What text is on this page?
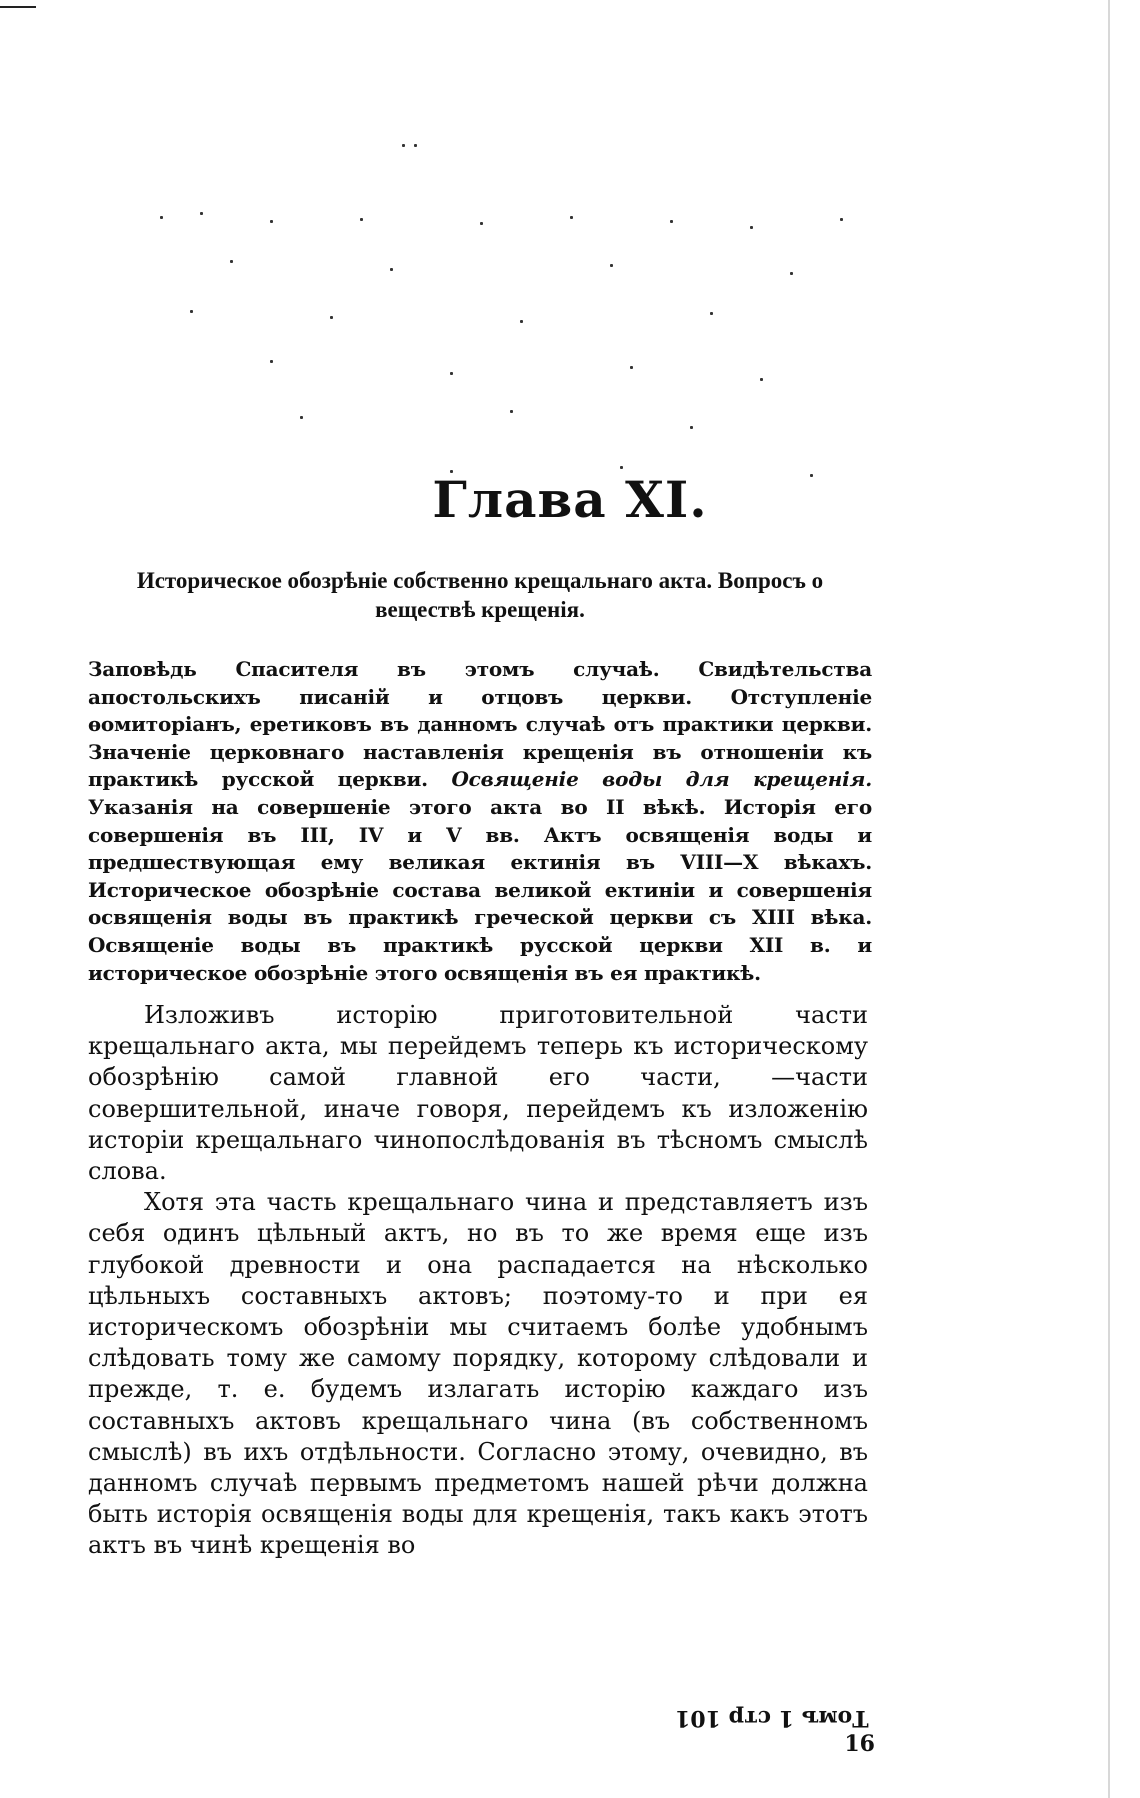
Глава XI.
Историческое обозрѣніе собственно крещальнаго акта. Вопросъ о веществѣ крещенія.
Заповѣдь Спасителя въ этомъ случаѣ. Свидѣтельства апостольскихъ писаній и отцовъ церкви. Отступленіе ѳомиторіанъ, еретиковъ въ данномъ случаѣ отъ практики церкви. Значеніе церковнаго наставленія крещенія въ отношеніи къ практикѣ русской церкви. Освященіе воды для крещенія. Указанія на совершеніе этого акта во II вѣкѣ. Исторія его совершенія въ III, IV и V вв. Актъ освященія воды и предшествующая ему великая ектинія въ VIII—X вѣкахъ. Историческое обозрѣніе состава великой ектиніи и совершенія освященія воды въ практикѣ греческой церкви съ XIII вѣка. Освященіе воды въ практикѣ русской церкви XII в. и историческое обозрѣніе этого освященія въ ея практикѣ.

Изложивъ исторію приготовительной части крещальнаго акта, мы перейдемъ теперь къ историческому обозрѣнію самой главной его части, —части совершительной, иначе говоря, перейдемъ къ изложенію исторіи крещальнаго чинопослѣдованія въ тѣсномъ смыслѣ слова.

Хотя эта часть крещальнаго чина и представляетъ изъ себя одинъ цѣльный актъ, но въ то же время еще изъ глубокой древности и она распадается на нѣсколько цѣльныхъ составныхъ актовъ; поэтому-то и при ея историческомъ обозрѣніи мы считаемъ болѣе удобнымъ слѣдовать тому же самому порядку, которому слѣдовали и прежде, т. е. будемъ излагать исторію каждаго изъ составныхъ актовъ крещальнаго чина (въ собственномъ смыслѣ) въ ихъ отдѣльности. Согласно этому, очевидно, въ данномъ случаѣ первымъ предметомъ нашей рѣчи должна быть исторія освященія воды для крещенія, такъ какъ этотъ актъ въ чинѣ крещенія во

Томъ 1 стр 101 16
